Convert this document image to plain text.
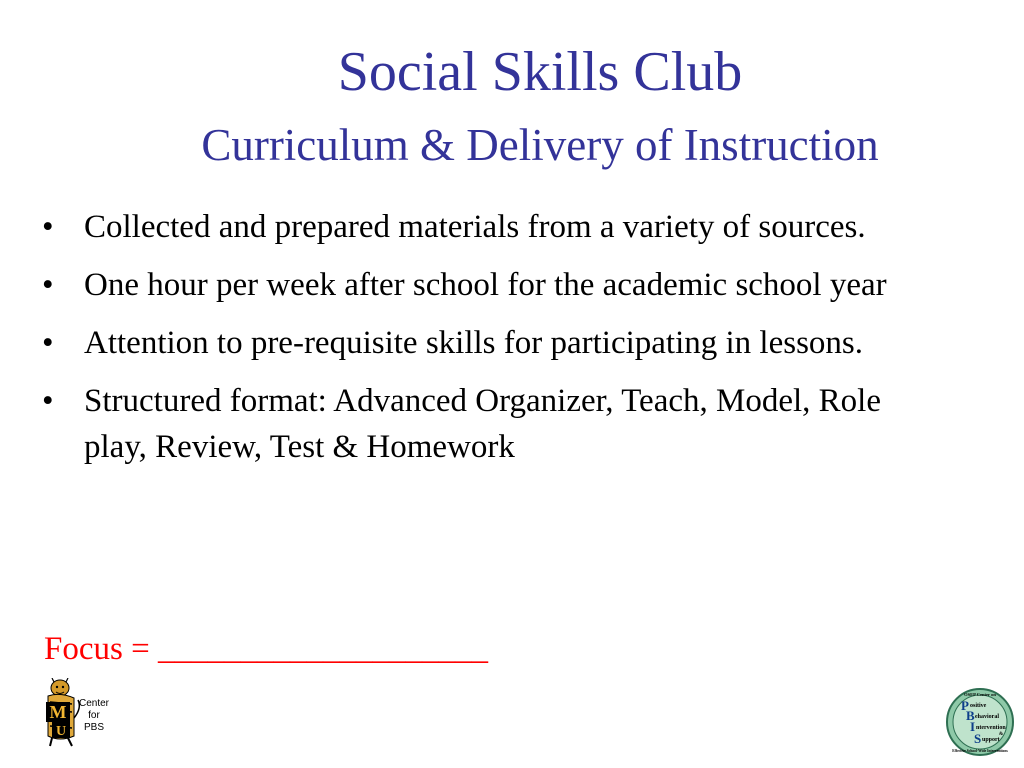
Social Skills Club
Curriculum & Delivery of Instruction
• Collected and prepared materials from a variety of sources.
• One hour per week after school for the academic school year
• Attention to pre-requisite skills for participating in lessons.
• Structured format: Advanced Organizer, Teach, Model, Role play, Review, Test & Homework
Focus = ____________________
M
U
Center
for
PBS
OSEP Center on
P ositive
B ehavioral
I ntervention
&
S upport
Effective School-Wide Interventions
